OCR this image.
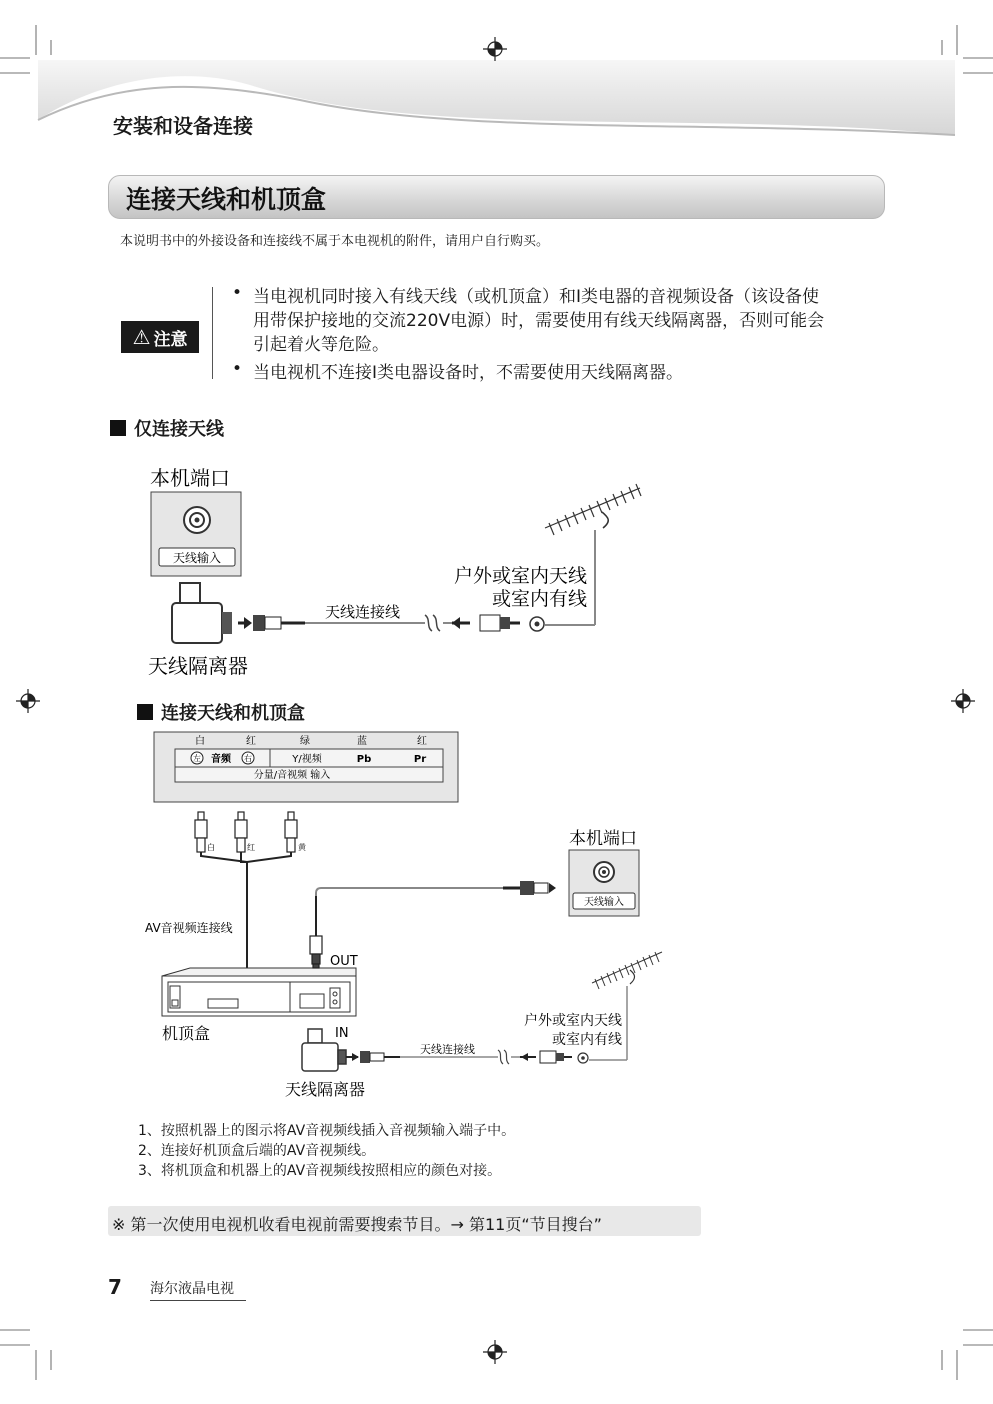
安装和设备连接
连接天线和机顶盒
本说明书中的外接设备和连接线不属于本电视机的附件，请用户自行购买。
⚠ 注意
• 当电视机同时接入有线天线（或机顶盒）和I类电器的音视频设备（该设备使
用带保护接地的交流220V电源）时，需要使用有线天线隔离器，否则可能会
引起着火等危险。
• 当电视机不连接I类电器设备时，不需要使用天线隔离器。
仅连接天线
本机端口
天线输入
天线隔离器
天线连接线
户外或室内天线
或室内有线
连接天线和机顶盒
白	红	绿	蓝	红
左 音频 右	Y/视频	Pb	Pr
分量/音视频 输入
白	红	黄
AV音视频连接线
机顶盒
OUT
本机端口
天线输入
IN
天线隔离器
天线连接线
户外或室内天线
或室内有线
1、按照机器上的图示将AV音视频线插入音视频输入端子中。
2、连接好机顶盒后端的AV音视频线。
3、将机顶盒和机器上的AV音视频线按照相应的颜色对接。
※ 第一次使用电视机收看电视前需要搜索节目。→ 第11页“节目搜台”
7 海尔液晶电视
